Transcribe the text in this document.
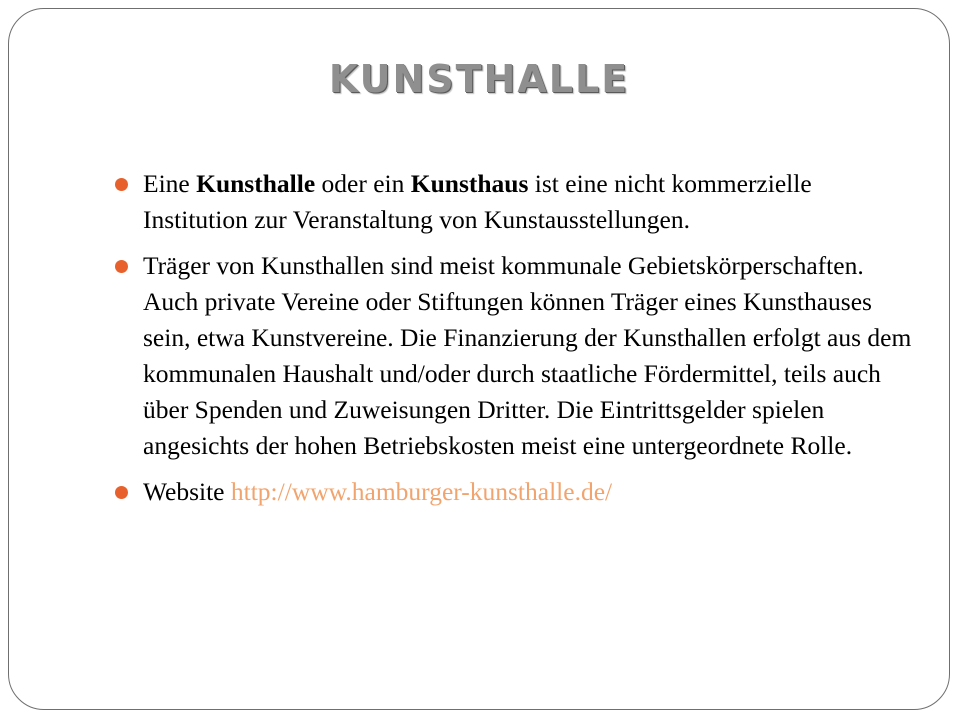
KUNSTHALLE
Eine Kunsthalle oder ein Kunsthaus ist eine nicht kommerzielle Institution zur Veranstaltung von Kunstausstellungen.
Träger von Kunsthallen sind meist kommunale Gebietskörperschaften. Auch private Vereine oder Stiftungen können Träger eines Kunsthauses sein, etwa Kunstvereine. Die Finanzierung der Kunsthallen erfolgt aus dem kommunalen Haushalt und/oder durch staatliche Fördermittel, teils auch über Spenden und Zuweisungen Dritter. Die Eintrittsgelder spielen angesichts der hohen Betriebskosten meist eine untergeordnete Rolle.
Website http://www.hamburger-kunsthalle.de/
